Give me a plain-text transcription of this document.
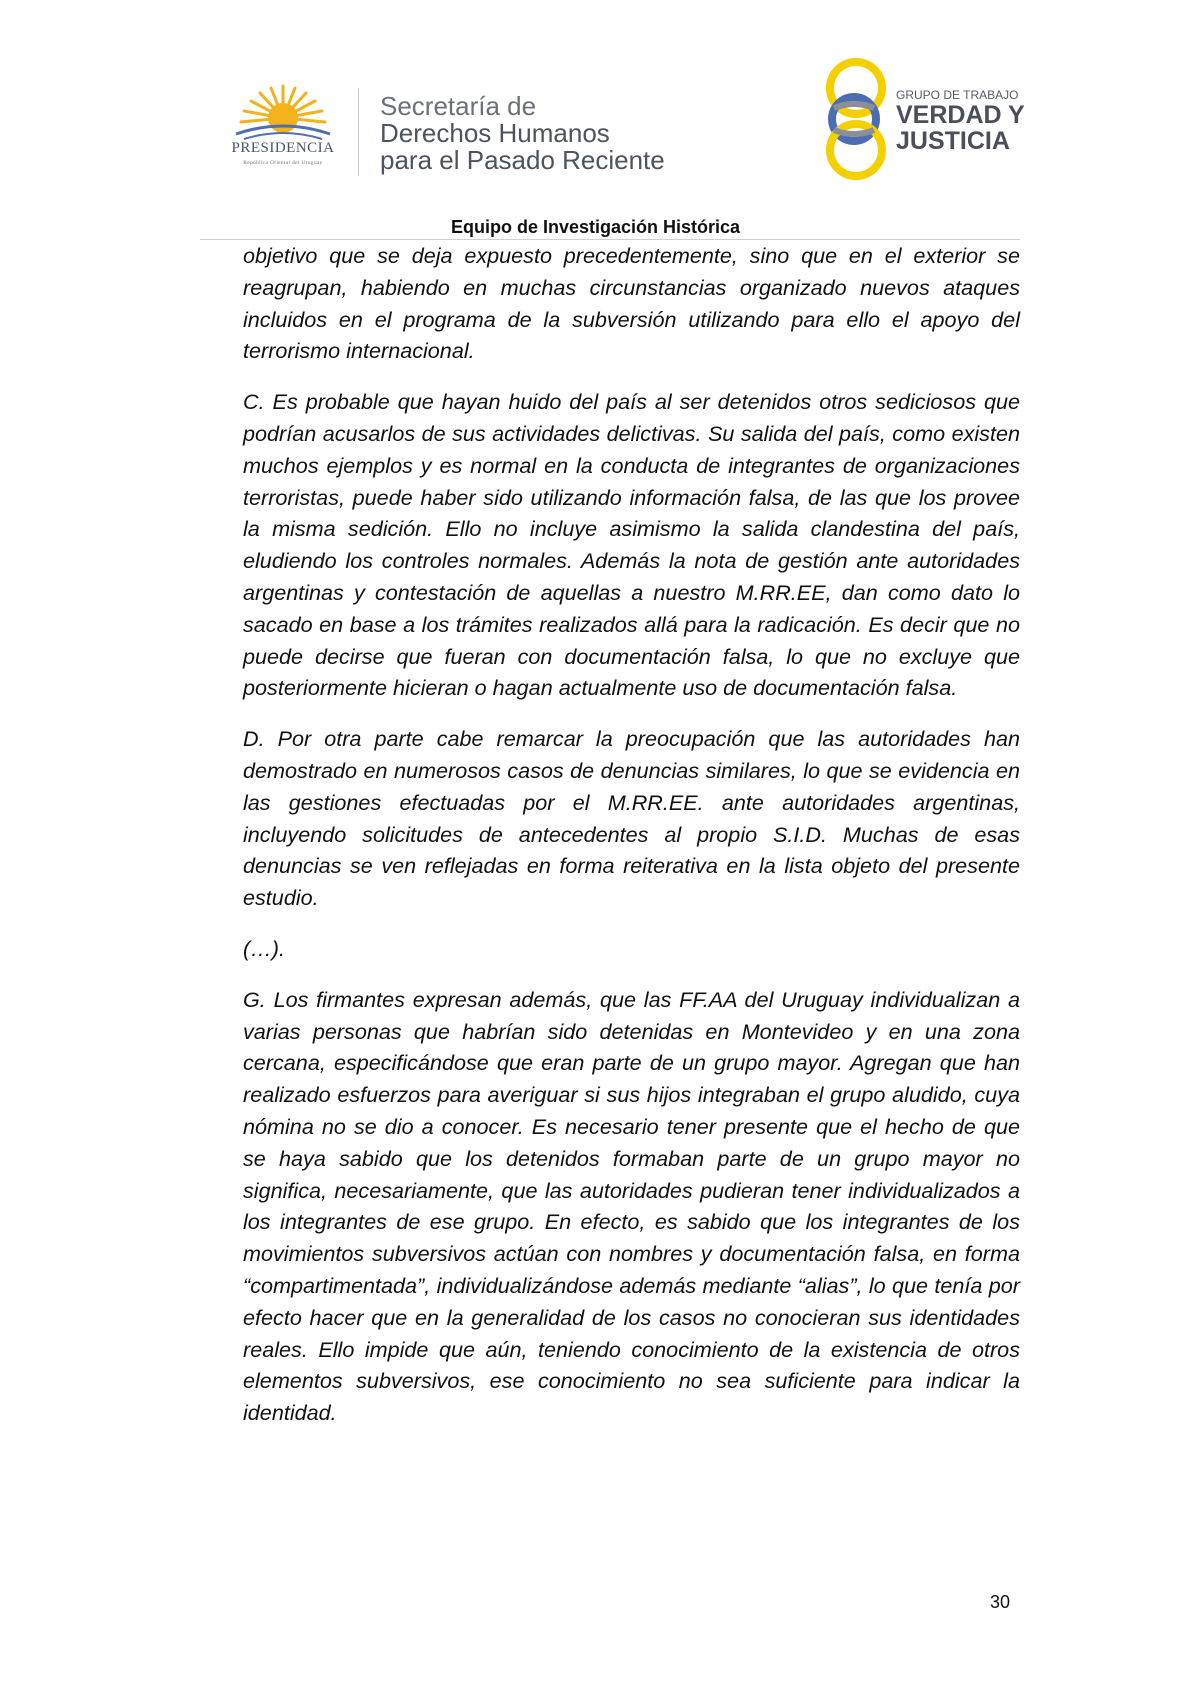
PRESIDENCIA
República Oriental del Uruguay
Secretaría de
Derechos Humanos
para el Pasado Reciente
GRUPO DE TRABAJO
VERDAD Y
JUSTICIA
Equipo de Investigación Histórica

objetivo que se deja expuesto precedentemente, sino que en el exterior se reagrupan, habiendo en muchas circunstancias organizado nuevos ataques incluidos en el programa de la subversión utilizando para ello el apoyo del terrorismo internacional.

C. Es probable que hayan huido del país al ser detenidos otros sediciosos que podrían acusarlos de sus actividades delictivas. Su salida del país, como existen muchos ejemplos y es normal en la conducta de integrantes de organizaciones terroristas, puede haber sido utilizando información falsa, de las que los provee la misma sedición. Ello no incluye asimismo la salida clandestina del país, eludiendo los controles normales. Además la nota de gestión ante autoridades argentinas y contestación de aquellas a nuestro M.RR.EE, dan como dato lo sacado en base a los trámites realizados allá para la radicación. Es decir que no puede decirse que fueran con documentación falsa, lo que no excluye que posteriormente hicieran o hagan actualmente uso de documentación falsa.

D. Por otra parte cabe remarcar la preocupación que las autoridades han demostrado en numerosos casos de denuncias similares, lo que se evidencia en las gestiones efectuadas por el M.RR.EE. ante autoridades argentinas, incluyendo solicitudes de antecedentes al propio S.I.D. Muchas de esas denuncias se ven reflejadas en forma reiterativa en la lista objeto del presente estudio.

(…).

G. Los firmantes expresan además, que las FF.AA del Uruguay individualizan a varias personas que habrían sido detenidas en Montevideo y en una zona cercana, especificándose que eran parte de un grupo mayor. Agregan que han realizado esfuerzos para averiguar si sus hijos integraban el grupo aludido, cuya nómina no se dio a conocer. Es necesario tener presente que el hecho de que se haya sabido que los detenidos formaban parte de un grupo mayor no significa, necesariamente, que las autoridades pudieran tener individualizados a los integrantes de ese grupo. En efecto, es sabido que los integrantes de los movimientos subversivos actúan con nombres y documentación falsa, en forma “compartimentada”, individualizándose además mediante “alias”, lo que tenía por efecto hacer que en la generalidad de los casos no conocieran sus identidades reales. Ello impide que aún, teniendo conocimiento de la existencia de otros elementos subversivos, ese conocimiento no sea suficiente para indicar la identidad.

30
